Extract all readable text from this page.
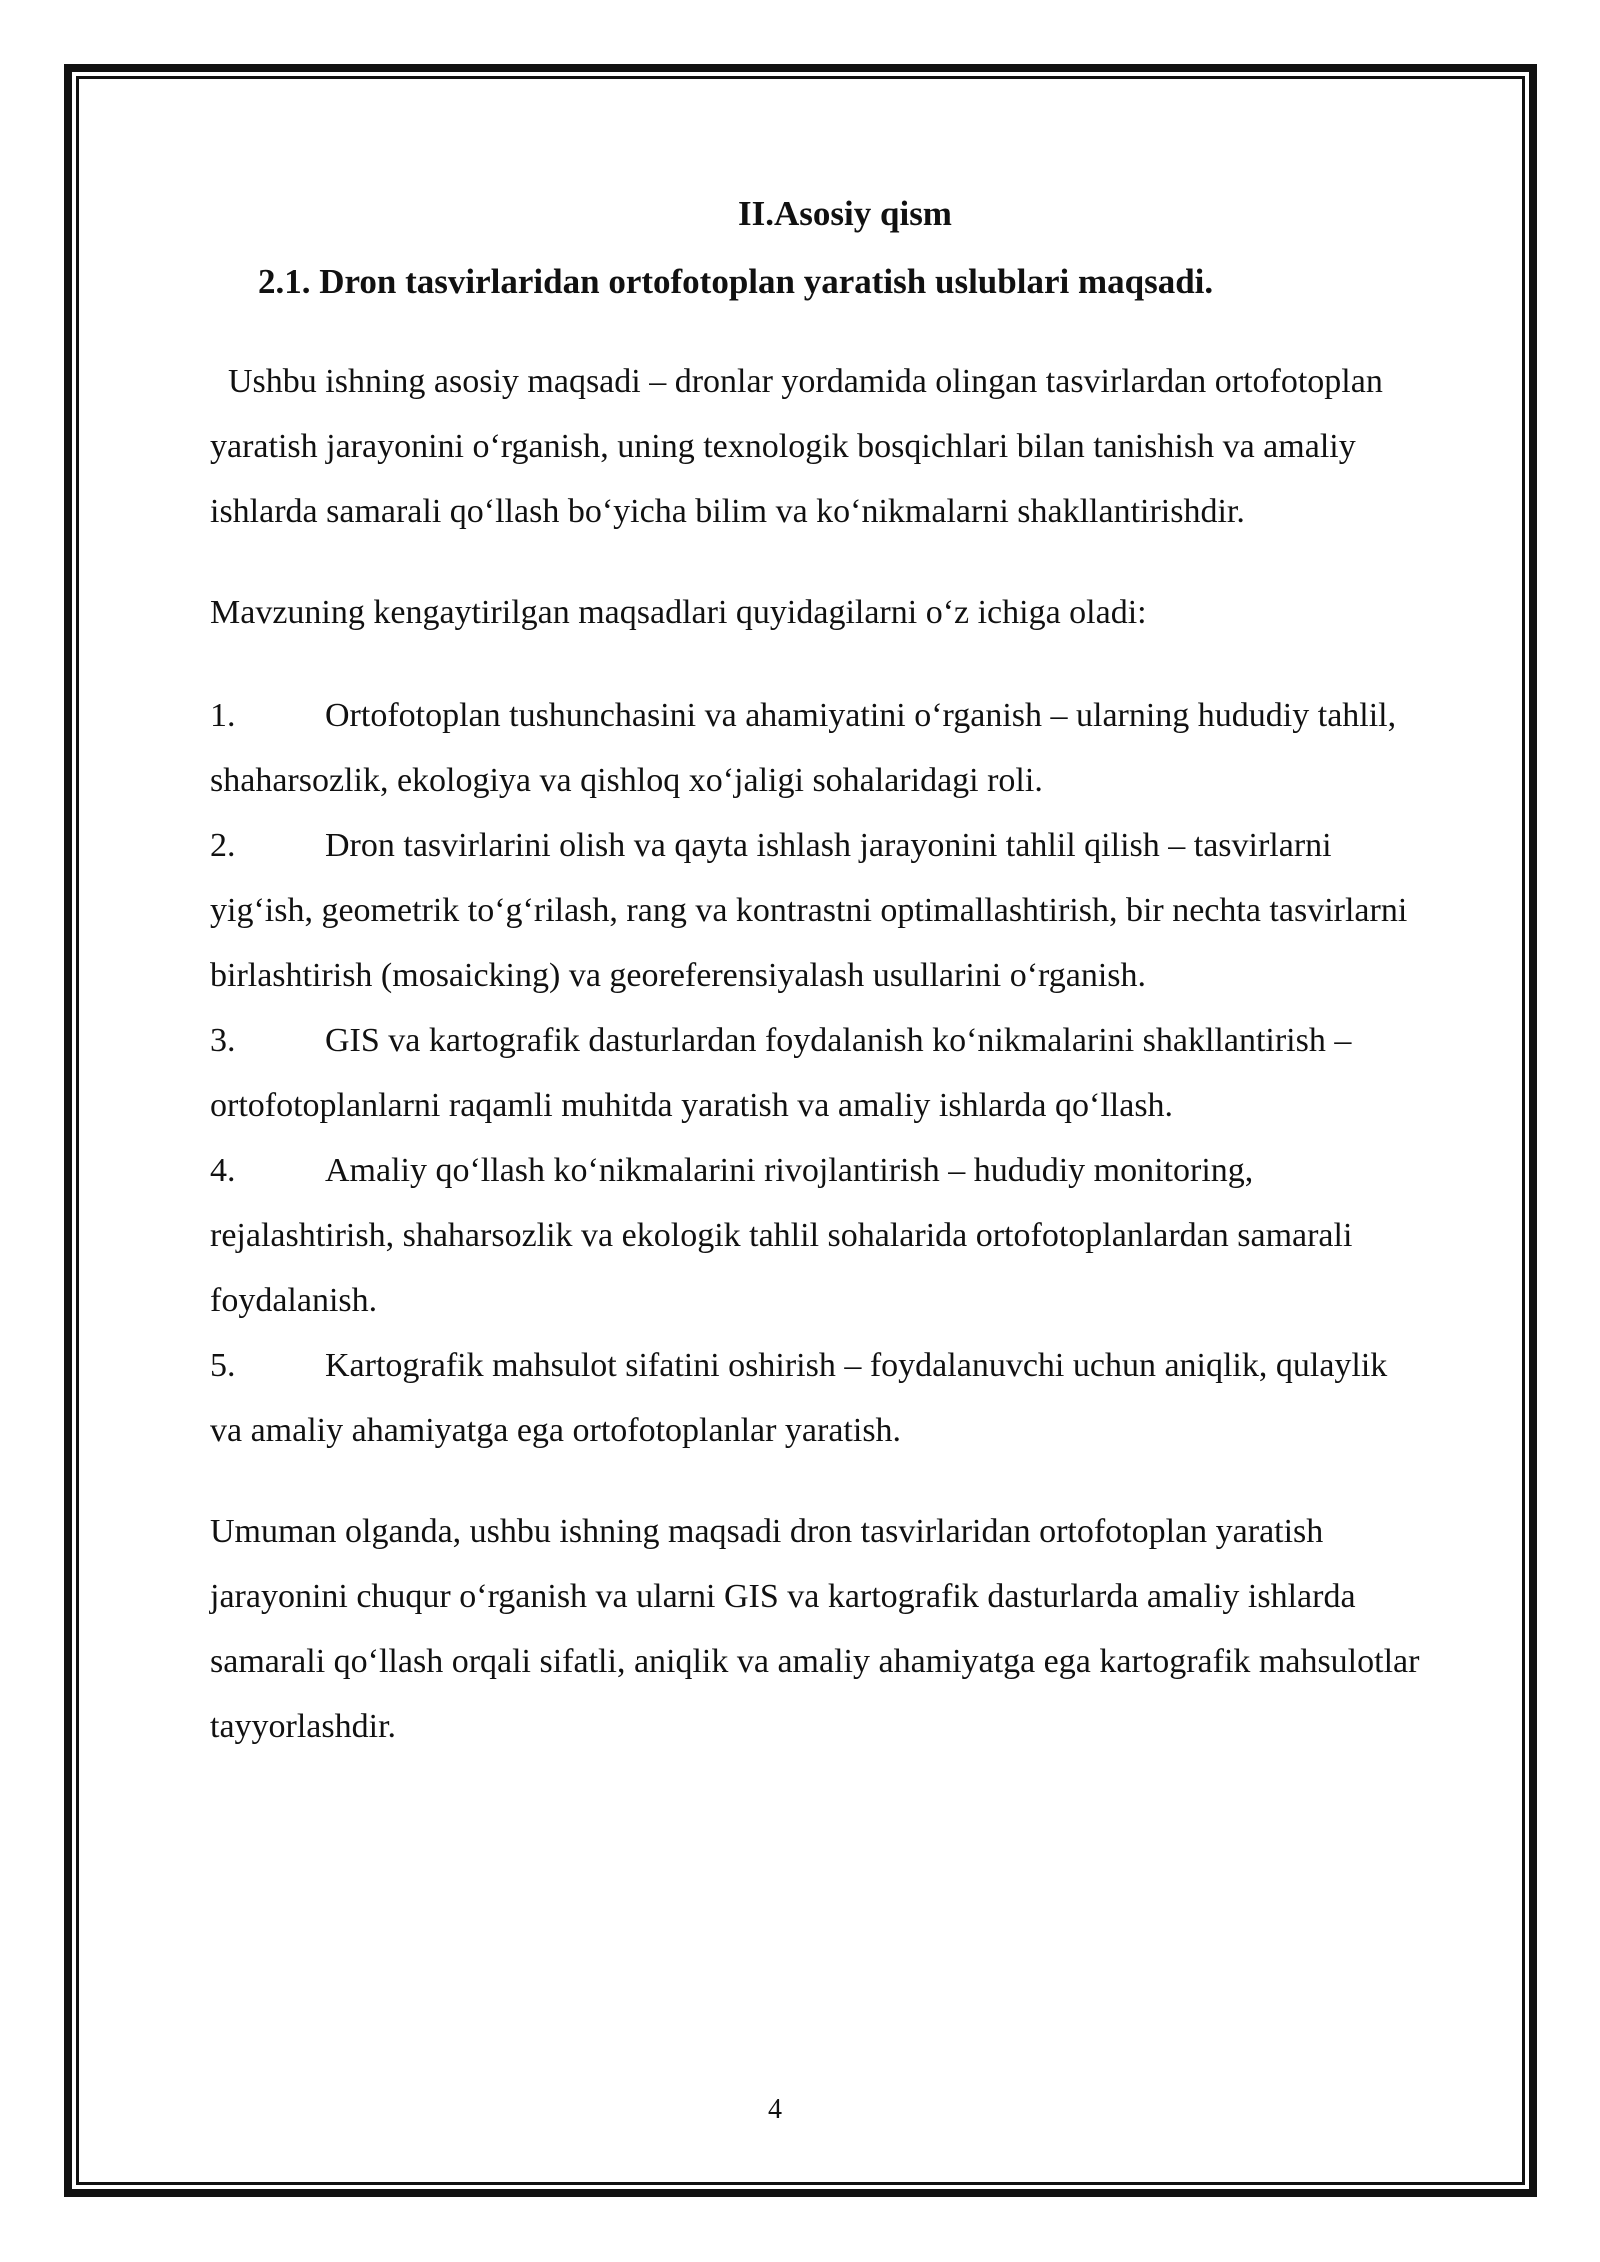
II.Asosiy qism
2.1. Dron tasvirlaridan ortofotoplan yaratish uslublari maqsadi.

Ushbu ishning asosiy maqsadi – dronlar yordamida olingan tasvirlardan ortofotoplan yaratish jarayonini o‘rganish, uning texnologik bosqichlari bilan tanishish va amaliy ishlarda samarali qo‘llash bo‘yicha bilim va ko‘nikmalarni shakllantirishdir.

Mavzuning kengaytirilgan maqsadlari quyidagilarni o‘z ichiga oladi:

1.	Ortofotoplan tushunchasini va ahamiyatini o‘rganish – ularning hududiy tahlil, shaharsozlik, ekologiya va qishloq xo‘jaligi sohalaridagi roli.

2.	Dron tasvirlarini olish va qayta ishlash jarayonini tahlil qilish – tasvirlarni yig‘ish, geometrik to‘g‘rilash, rang va kontrastni optimallashtirish, bir nechta tasvirlarni birlashtirish (mosaicking) va georeferensiyalash usullarini o‘rganish.

3.	GIS va kartografik dasturlardan foydalanish ko‘nikmalarini shakllantirish – ortofotoplanlarni raqamli muhitda yaratish va amaliy ishlarda qo‘llash.

4.	Amaliy qo‘llash ko‘nikmalarini rivojlantirish – hududiy monitoring, rejalashtirish, shaharsozlik va ekologik tahlil sohalarida ortofotoplanlardan samarali foydalanish.

5.	Kartografik mahsulot sifatini oshirish – foydalanuvchi uchun aniqlik, qulaylik va amaliy ahamiyatga ega ortofotoplanlar yaratish.

Umuman olganda, ushbu ishning maqsadi dron tasvirlaridan ortofotoplan yaratish jarayonini chuqur o‘rganish va ularni GIS va kartografik dasturlarda amaliy ishlarda samarali qo‘llash orqali sifatli, aniqlik va amaliy ahamiyatga ega kartografik mahsulotlar tayyorlashdir.

4
